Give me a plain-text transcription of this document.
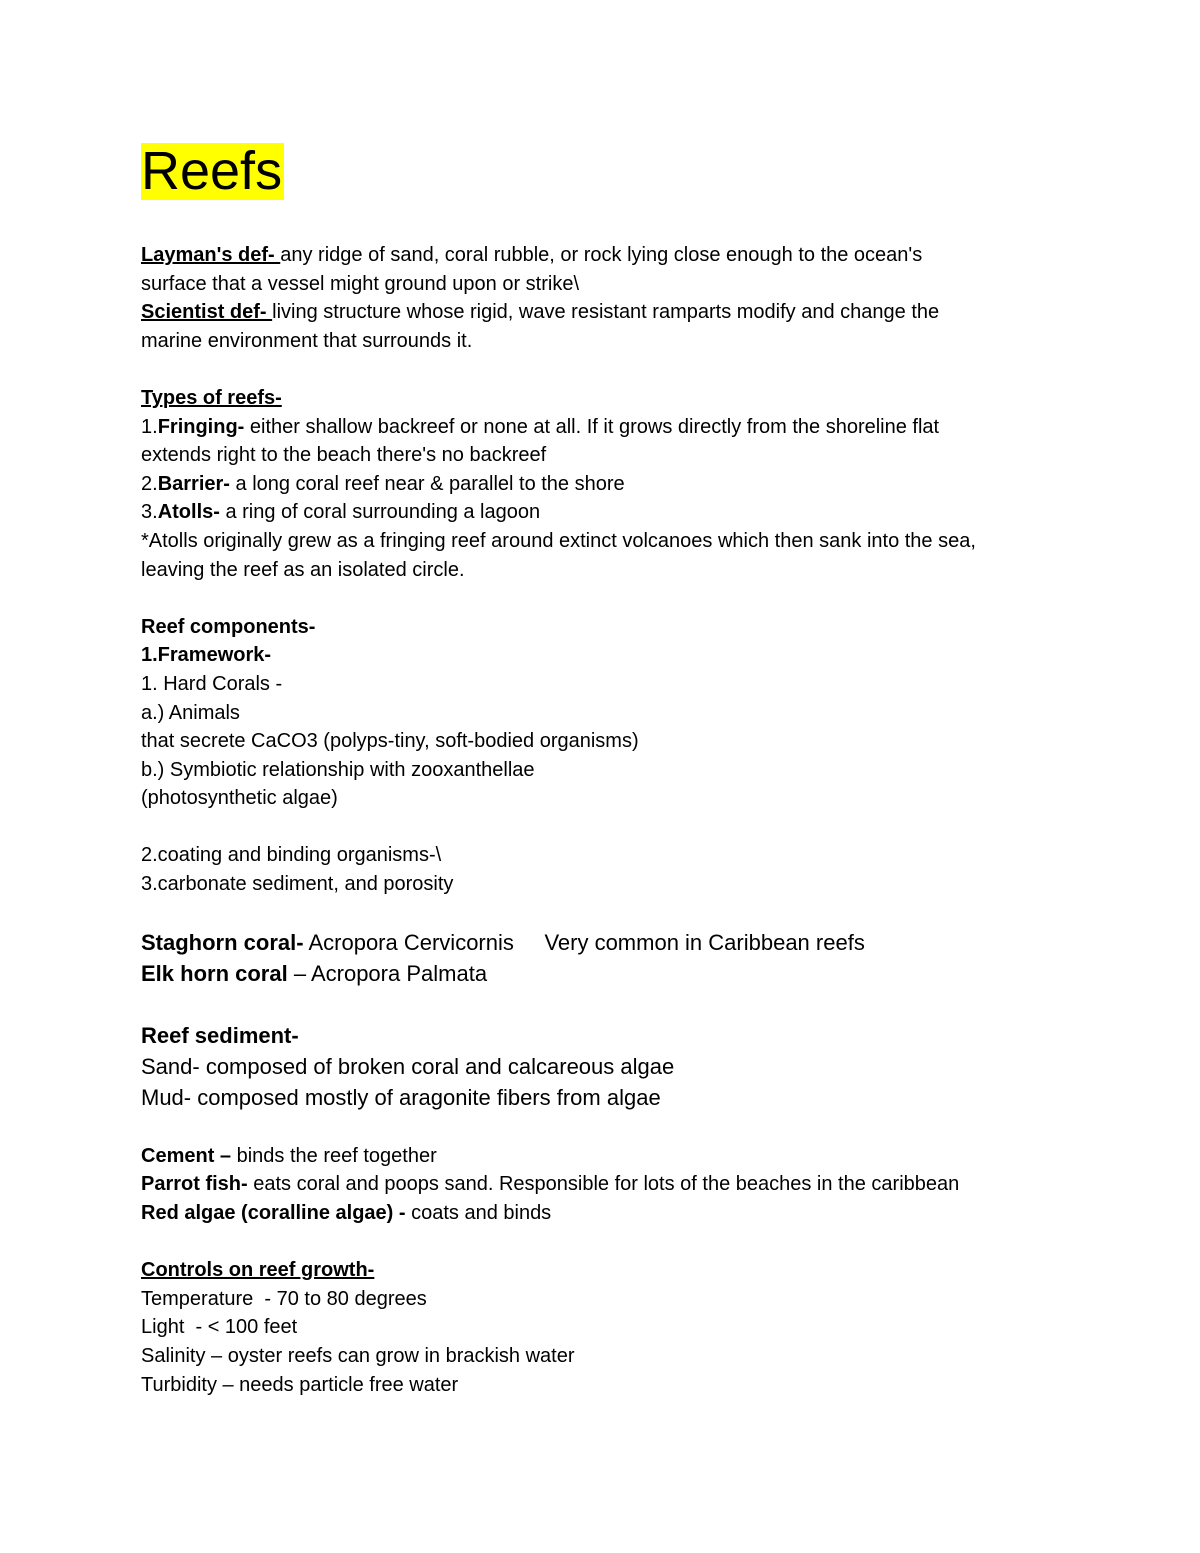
Reefs
Layman's def- any ridge of sand, coral rubble, or rock lying close enough to the ocean's
surface that a vessel might ground upon or strike\
Scientist def- living structure whose rigid, wave resistant ramparts modify and change the
marine environment that surrounds it.
Types of reefs-
1.Fringing- either shallow backreef or none at all. If it grows directly from the shoreline flat
extends right to the beach there's no backreef
2.Barrier- a long coral reef near & parallel to the shore
3.Atolls- a ring of coral surrounding a lagoon
*Atolls originally grew as a fringing reef around extinct volcanoes which then sank into the sea,
leaving the reef as an isolated circle.
Reef components-
1.Framework-
1. Hard Corals -
a.) Animals
that secrete CaCO3 (polyps-tiny, soft-bodied organisms)
b.) Symbiotic relationship with zooxanthellae
(photosynthetic algae)
2.coating and binding organisms-\
3.carbonate sediment, and porosity
Staghorn coral- Acropora Cervicornis     Very common in Caribbean reefs
Elk horn coral – Acropora Palmata
Reef sediment-
Sand- composed of broken coral and calcareous algae
Mud- composed mostly of aragonite fibers from algae
Cement – binds the reef together
Parrot fish- eats coral and poops sand. Responsible for lots of the beaches in the caribbean
Red algae (coralline algae) - coats and binds
Controls on reef growth-
Temperature  - 70 to 80 degrees
Light  - < 100 feet
Salinity – oyster reefs can grow in brackish water
Turbidity – needs particle free water
